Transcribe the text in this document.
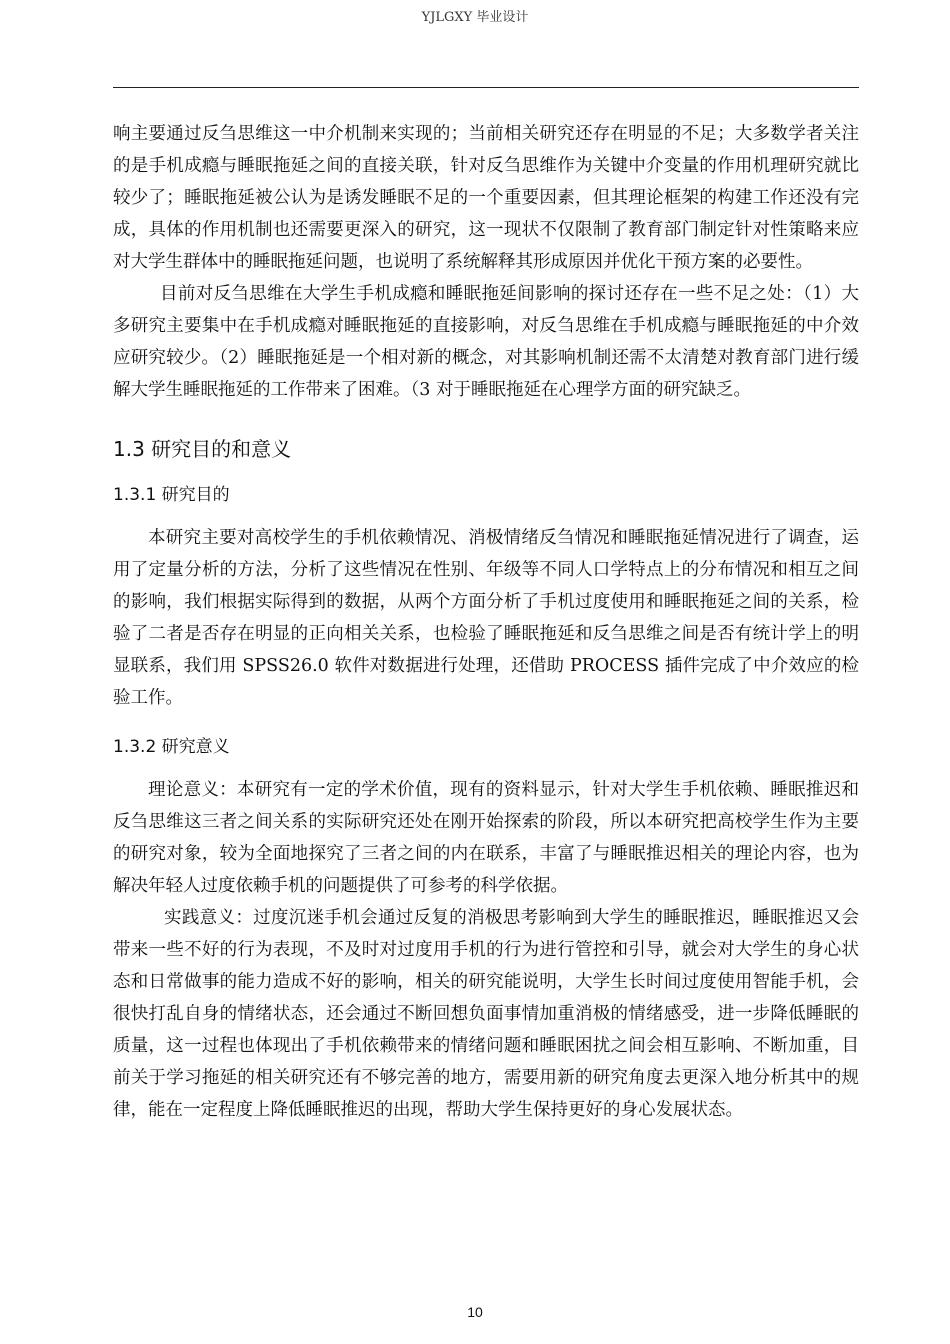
YJLGXY 毕业设计

响主要通过反刍思维这一中介机制来实现的；当前相关研究还存在明显的不足；大多数学者关注的是手机成瘾与睡眠拖延之间的直接关联，针对反刍思维作为关键中介变量的作用机理研究就比较少了；睡眠拖延被公认为是诱发睡眠不足的一个重要因素，但其理论框架的构建工作还没有完成，具体的作用机制也还需要更深入的研究，这一现状不仅限制了教育部门制定针对性策略来应对大学生群体中的睡眠拖延问题，也说明了系统解释其形成原因并优化干预方案的必要性。

目前对反刍思维在大学生手机成瘾和睡眠拖延间影响的探讨还存在一些不足之处：（1）大多研究主要集中在手机成瘾对睡眠拖延的直接影响，对反刍思维在手机成瘾与睡眠拖延的中介效应研究较少。（2）睡眠拖延是一个相对新的概念，对其影响机制还需不太清楚对教育部门进行缓解大学生睡眠拖延的工作带来了困难。（3 对于睡眠拖延在心理学方面的研究缺乏。

1.3 研究目的和意义
1.3.1 研究目的

本研究主要对高校学生的手机依赖情况、消极情绪反刍情况和睡眠拖延情况进行了调查，运用了定量分析的方法，分析了这些情况在性别、年级等不同人口学特点上的分布情况和相互之间的影响，我们根据实际得到的数据，从两个方面分析了手机过度使用和睡眠拖延之间的关系，检验了二者是否存在明显的正向相关关系，也检验了睡眠拖延和反刍思维之间是否有统计学上的明显联系，我们用 SPSS26.0 软件对数据进行处理，还借助 PROCESS 插件完成了中介效应的检验工作。

1.3.2 研究意义

理论意义：本研究有一定的学术价值，现有的资料显示，针对大学生手机依赖、睡眠推迟和反刍思维这三者之间关系的实际研究还处在刚开始探索的阶段，所以本研究把高校学生作为主要的研究对象，较为全面地探究了三者之间的内在联系，丰富了与睡眠推迟相关的理论内容，也为解决年轻人过度依赖手机的问题提供了可参考的科学依据。

实践意义：过度沉迷手机会通过反复的消极思考影响到大学生的睡眠推迟，睡眠推迟又会带来一些不好的行为表现，不及时对过度用手机的行为进行管控和引导，就会对大学生的身心状态和日常做事的能力造成不好的影响，相关的研究能说明，大学生长时间过度使用智能手机，会很快打乱自身的情绪状态，还会通过不断回想负面事情加重消极的情绪感受，进一步降低睡眠的质量，这一过程也体现出了手机依赖带来的情绪问题和睡眠困扰之间会相互影响、不断加重，目前关于学习拖延的相关研究还有不够完善的地方，需要用新的研究角度去更深入地分析其中的规律，能在一定程度上降低睡眠推迟的出现，帮助大学生保持更好的身心发展状态。

10
